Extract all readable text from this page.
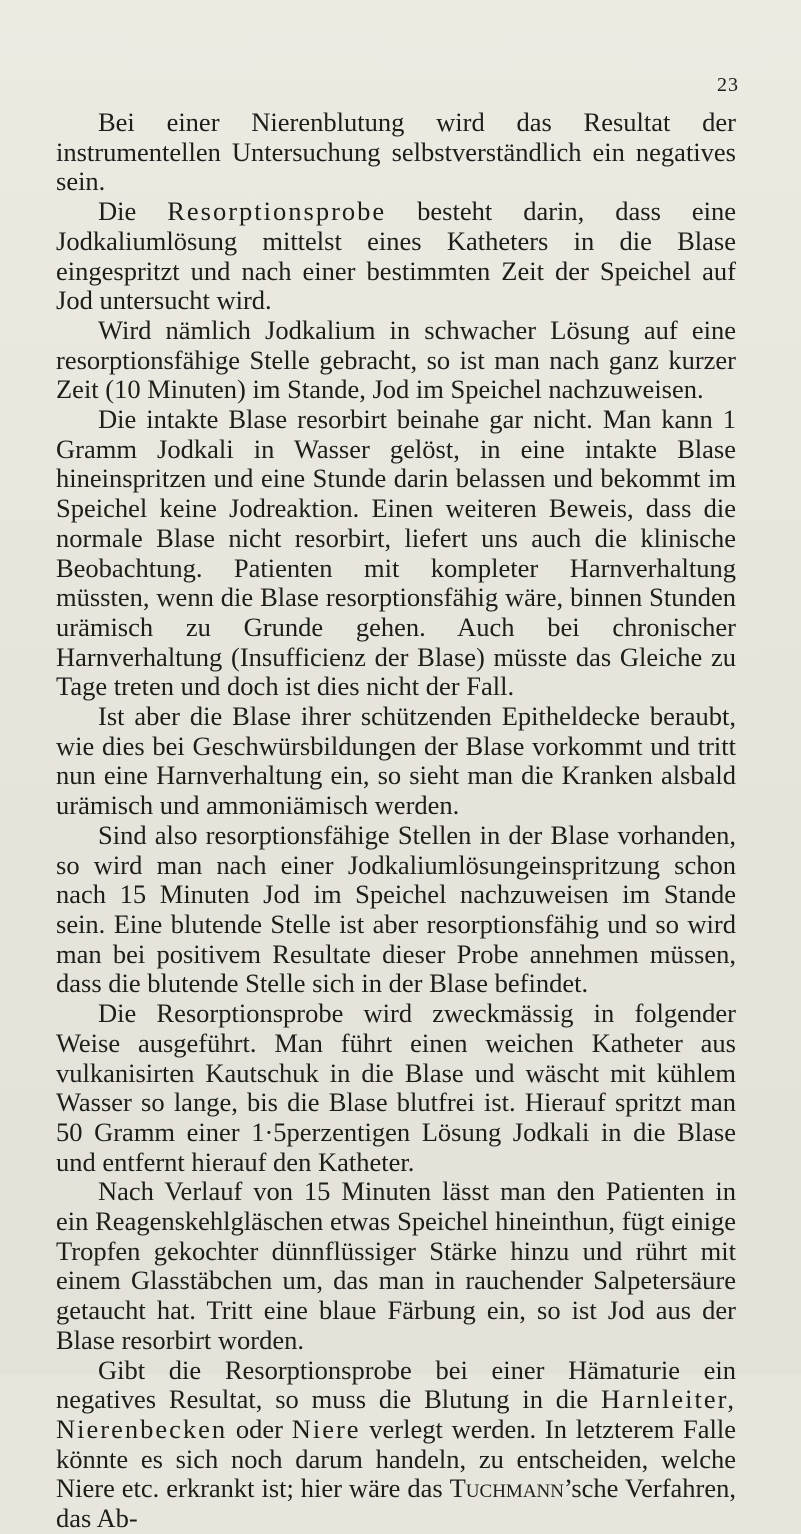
23

Bei einer Nierenblutung wird das Resultat der instrumentellen Untersuchung selbstverständlich ein negatives sein.

Die Resorptionsprobe besteht darin, dass eine Jodkaliumlösung mittelst eines Katheters in die Blase eingespritzt und nach einer bestimmten Zeit der Speichel auf Jod untersucht wird.

Wird nämlich Jodkalium in schwacher Lösung auf eine resorptionsfähige Stelle gebracht, so ist man nach ganz kurzer Zeit (10 Minuten) im Stande, Jod im Speichel nachzuweisen.

Die intakte Blase resorbirt beinahe gar nicht. Man kann 1 Gramm Jodkali in Wasser gelöst, in eine intakte Blase hineinspritzen und eine Stunde darin belassen und bekommt im Speichel keine Jodreaktion. Einen weiteren Beweis, dass die normale Blase nicht resorbirt, liefert uns auch die klinische Beobachtung. Patienten mit kompleter Harnverhaltung müssten, wenn die Blase resorptionsfähig wäre, binnen Stunden urämisch zu Grunde gehen. Auch bei chronischer Harnverhaltung (Insufficienz der Blase) müsste das Gleiche zu Tage treten und doch ist dies nicht der Fall.

Ist aber die Blase ihrer schützenden Epitheldecke beraubt, wie dies bei Geschwürsbildungen der Blase vorkommt und tritt nun eine Harnverhaltung ein, so sieht man die Kranken alsbald urämisch und ammoniämisch werden.

Sind also resorptionsfähige Stellen in der Blase vorhanden, so wird man nach einer Jodkaliumlösungeinspritzung schon nach 15 Minuten Jod im Speichel nachzuweisen im Stande sein. Eine blutende Stelle ist aber resorptionsfähig und so wird man bei positivem Resultate dieser Probe annehmen müssen, dass die blutende Stelle sich in der Blase befindet.

Die Resorptionsprobe wird zweckmässig in folgender Weise ausgeführt. Man führt einen weichen Katheter aus vulkanisirten Kautschuk in die Blase und wäscht mit kühlem Wasser so lange, bis die Blase blutfrei ist. Hierauf spritzt man 50 Gramm einer 1·5perzentigen Lösung Jodkali in die Blase und entfernt hierauf den Katheter.

Nach Verlauf von 15 Minuten lässt man den Patienten in ein Reagenskehlgläschen etwas Speichel hineinthun, fügt einige Tropfen gekochter dünnflüssiger Stärke hinzu und rührt mit einem Glasstäbchen um, das man in rauchender Salpetersäure getaucht hat. Tritt eine blaue Färbung ein, so ist Jod aus der Blase resorbirt worden.

Gibt die Resorptionsprobe bei einer Hämaturie ein negatives Resultat, so muss die Blutung in die Harnleiter, Nierenbecken oder Niere verlegt werden. In letzterem Falle könnte es sich noch darum handeln, zu entscheiden, welche Niere etc. erkrankt ist; hier wäre das Tuchmann’sche Verfahren, das Ab-
